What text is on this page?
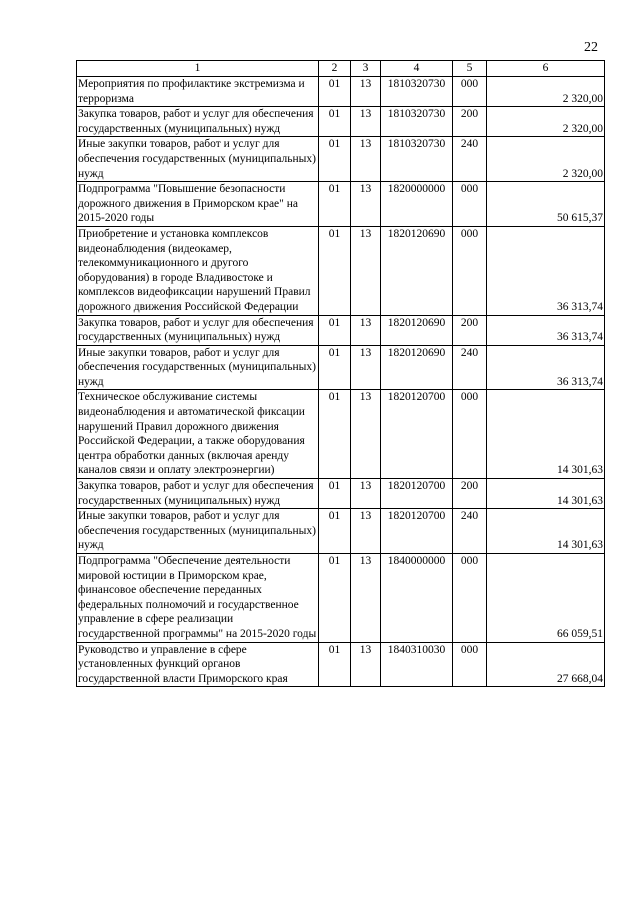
22
1	2	3	4	5	6
Мероприятия по профилактике экстремизма и терроризма	01	13	1810320730	000	2 320,00
Закупка товаров, работ и услуг для обеспечения государственных (муниципальных) нужд	01	13	1810320730	200	2 320,00
Иные закупки товаров, работ и услуг для обеспечения государственных (муниципальных) нужд	01	13	1810320730	240	2 320,00
Подпрограмма "Повышение безопасности дорожного движения в Приморском крае" на 2015-2020 годы	01	13	1820000000	000	50 615,37
Приобретение и установка комплексов видеонаблюдения (видеокамер, телекоммуникационного и другого оборудования) в городе Владивостоке и комплексов видеофиксации нарушений Правил дорожного движения Российской Федерации	01	13	1820120690	000	36 313,74
Закупка товаров, работ и услуг для обеспечения государственных (муниципальных) нужд	01	13	1820120690	200	36 313,74
Иные закупки товаров, работ и услуг для обеспечения государственных (муниципальных) нужд	01	13	1820120690	240	36 313,74
Техническое обслуживание системы видеонаблюдения и автоматической фиксации нарушений Правил дорожного движения Российской Федерации, а также оборудования центра обработки данных (включая аренду каналов связи и оплату электроэнергии)	01	13	1820120700	000	14 301,63
Закупка товаров, работ и услуг для обеспечения государственных (муниципальных) нужд	01	13	1820120700	200	14 301,63
Иные закупки товаров, работ и услуг для обеспечения государственных (муниципальных) нужд	01	13	1820120700	240	14 301,63
Подпрограмма "Обеспечение деятельности мировой юстиции в Приморском крае, финансовое обеспечение переданных федеральных полномочий и государственное управление в сфере реализации государственной программы" на 2015-2020 годы	01	13	1840000000	000	66 059,51
Руководство и управление в сфере установленных функций органов государственной власти Приморского края	01	13	1840310030	000	27 668,04
